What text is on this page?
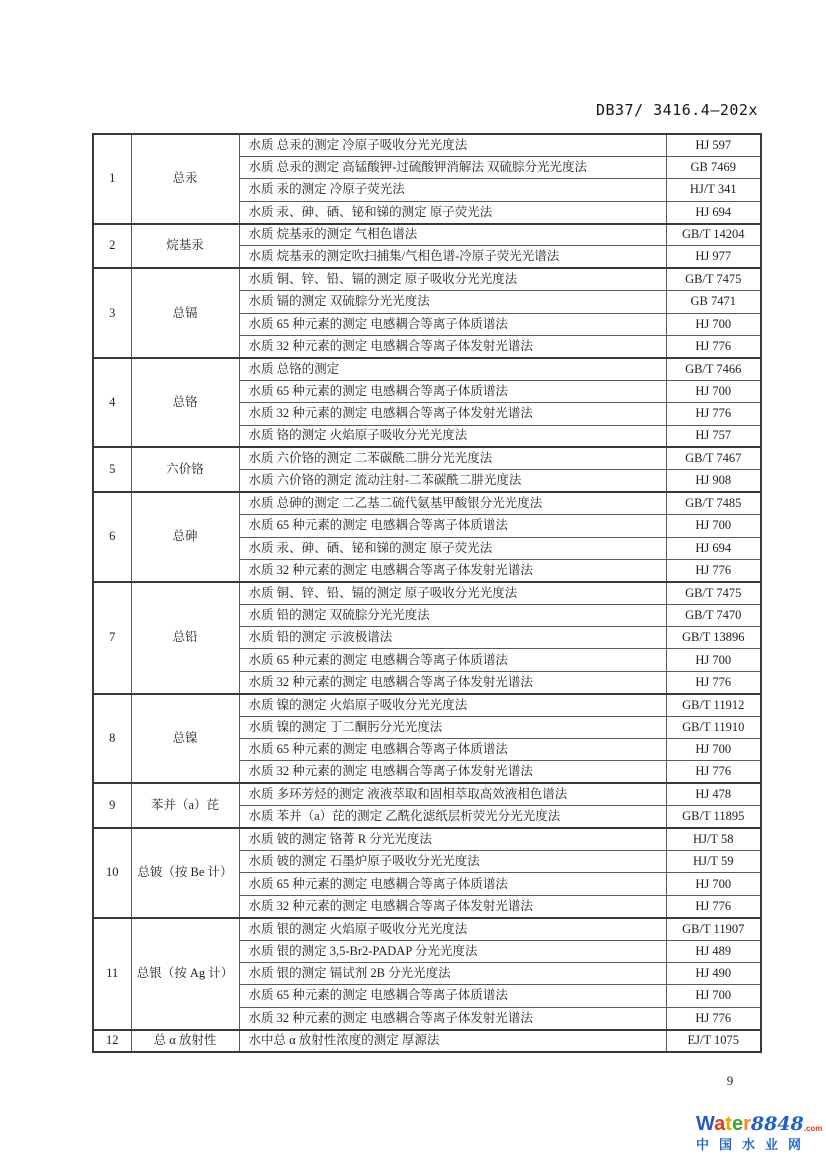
DB37/ 3416.4—202x
1	总汞	水质 总汞的测定 冷原子吸收分光光度法	HJ 597
		水质 总汞的测定 高锰酸钾-过硫酸钾消解法 双硫腙分光光度法	GB 7469
		水质 汞的测定 冷原子荧光法	HJ/T 341
		水质 汞、砷、硒、铋和锑的测定 原子荧光法	HJ 694
2	烷基汞	水质 烷基汞的测定 气相色谱法	GB/T 14204
		水质 烷基汞的测定吹扫捕集/气相色谱-冷原子荧光光谱法	HJ 977
3	总镉	水质 铜、锌、铅、镉的测定 原子吸收分光光度法	GB/T 7475
		水质 镉的测定 双硫腙分光光度法	GB 7471
		水质 65 种元素的测定 电感耦合等离子体质谱法	HJ 700
		水质 32 种元素的测定 电感耦合等离子体发射光谱法	HJ 776
4	总铬	水质 总铬的测定	GB/T 7466
		水质 65 种元素的测定 电感耦合等离子体质谱法	HJ 700
		水质 32 种元素的测定 电感耦合等离子体发射光谱法	HJ 776
		水质 铬的测定 火焰原子吸收分光光度法	HJ 757
5	六价铬	水质 六价铬的测定 二苯碳酰二肼分光光度法	GB/T 7467
		水质 六价铬的测定 流动注射-二苯碳酰二肼光度法	HJ 908
6	总砷	水质 总砷的测定 二乙基二硫代氨基甲酸银分光光度法	GB/T 7485
		水质 65 种元素的测定 电感耦合等离子体质谱法	HJ 700
		水质 汞、砷、硒、铋和锑的测定 原子荧光法	HJ 694
		水质 32 种元素的测定 电感耦合等离子体发射光谱法	HJ 776
7	总铅	水质 铜、锌、铅、镉的测定 原子吸收分光光度法	GB/T 7475
		水质 铅的测定 双硫腙分光光度法	GB/T 7470
		水质 铅的测定 示波极谱法	GB/T 13896
		水质 65 种元素的测定 电感耦合等离子体质谱法	HJ 700
		水质 32 种元素的测定 电感耦合等离子体发射光谱法	HJ 776
8	总镍	水质 镍的测定 火焰原子吸收分光光度法	GB/T 11912
		水质 镍的测定 丁二酮肟分光光度法	GB/T 11910
		水质 65 种元素的测定 电感耦合等离子体质谱法	HJ 700
		水质 32 种元素的测定 电感耦合等离子体发射光谱法	HJ 776
9	苯并（a）芘	水质 多环芳烃的测定 液液萃取和固相萃取高效液相色谱法	HJ 478
		水质 苯并（a）芘的测定 乙酰化滤纸层析荧光分光光度法	GB/T 11895
10	总铍（按 Be 计）	水质 铍的测定 铬菁 R 分光光度法	HJ/T 58
		水质 铍的测定 石墨炉原子吸收分光光度法	HJ/T 59
		水质 65 种元素的测定 电感耦合等离子体质谱法	HJ 700
		水质 32 种元素的测定 电感耦合等离子体发射光谱法	HJ 776
11	总银（按 Ag 计）	水质 银的测定 火焰原子吸收分光光度法	GB/T 11907
		水质 银的测定 3,5-Br2-PADAP 分光光度法	HJ 489
		水质 银的测定 镉试剂 2B 分光光度法	HJ 490
		水质 65 种元素的测定 电感耦合等离子体质谱法	HJ 700
		水质 32 种元素的测定 电感耦合等离子体发射光谱法	HJ 776
12	总 α 放射性	水中总 α 放射性浓度的测定 厚源法	EJ/T 1075
9
Water8848.com
中国水业网
